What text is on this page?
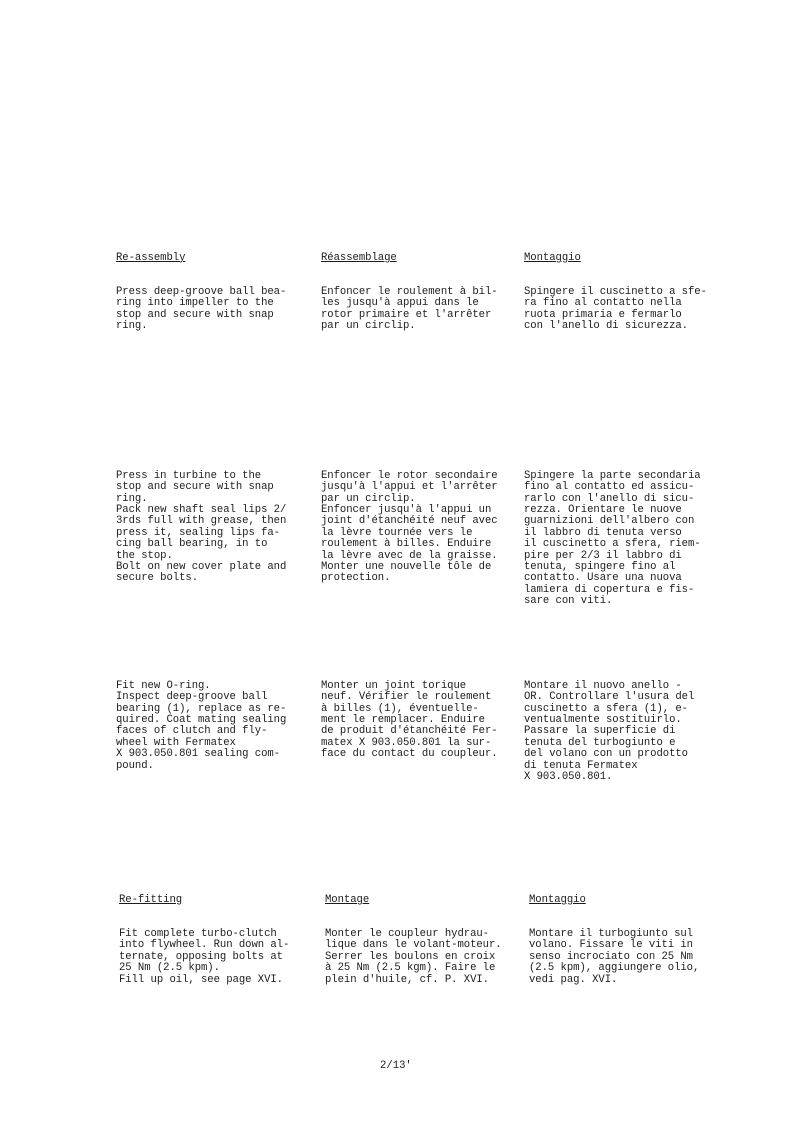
Re-assembly

Press deep-groove ball bea-
ring into impeller to the
stop and secure with snap
ring.

Réassemblage

Enfoncer le roulement à bil-
les jusqu'à appui dans le
rotor primaire et l'arrêter
par un circlip.

Montaggio

Spingere il cuscinetto a sfe-
ra fino al contatto nella
ruota primaria e fermarlo
con l'anello di sicurezza.

Press in turbine to the
stop and secure with snap
ring.
Pack new shaft seal lips 2/
3rds full with grease, then
press it, sealing lips fa-
cing ball bearing, in to
the stop.
Bolt on new cover plate and
secure bolts.

Enfoncer le rotor secondaire
jusqu'à l'appui et l'arrêter
par un circlip.
Enfoncer jusqu'à l'appui un
joint d'étanchéité neuf avec
la lèvre tournée vers le
roulement à billes. Enduire
la lèvre avec de la graisse.
Monter une nouvelle tôle de
protection.

Spingere la parte secondaria
fino al contatto ed assicu-
rarlo con l'anello di sicu-
rezza. Orientare le nuove
guarnizioni dell'albero con
il labbro di tenuta verso
il cuscinetto a sfera, riem-
pire per 2/3 il labbro di
tenuta, spingere fino al
contatto. Usare una nuova
lamiera di copertura e fis-
sare con viti.

Fit new O-ring.
Inspect deep-groove ball
bearing (1), replace as re-
quired. Coat mating sealing
faces of clutch and fly-
wheel with Fermatex
X 903.050.801 sealing com-
pound.

Monter un joint torique
neuf. Vérifier le roulement
à billes (1), éventuelle-
ment le remplacer. Enduire
de produit d'étanchéité Fer-
matex X 903.050.801 la sur-
face du contact du coupleur.

Montare il nuovo anello -
OR. Controllare l'usura del
cuscinetto a sfera (1), e-
ventualmente sostituirlo.
Passare la superficie di
tenuta del turbogiunto e
del volano con un prodotto
di tenuta Fermatex
X 903.050.801.

Re-fitting

Fit complete turbo-clutch
into flywheel. Run down al-
ternate, opposing bolts at
25 Nm (2.5 kpm).
Fill up oil, see page XVI.

Montage

Monter le coupleur hydrau-
lique dans le volant-moteur.
Serrer les boulons en croix
à 25 Nm (2.5 kgm). Faire le
plein d'huile, cf. P. XVI.

Montaggio

Montare il turbogiunto sul
volano. Fissare le viti in
senso incrociato con 25 Nm
(2.5 kpm), aggiungere olio,
vedi pag. XVI.

2/13'
